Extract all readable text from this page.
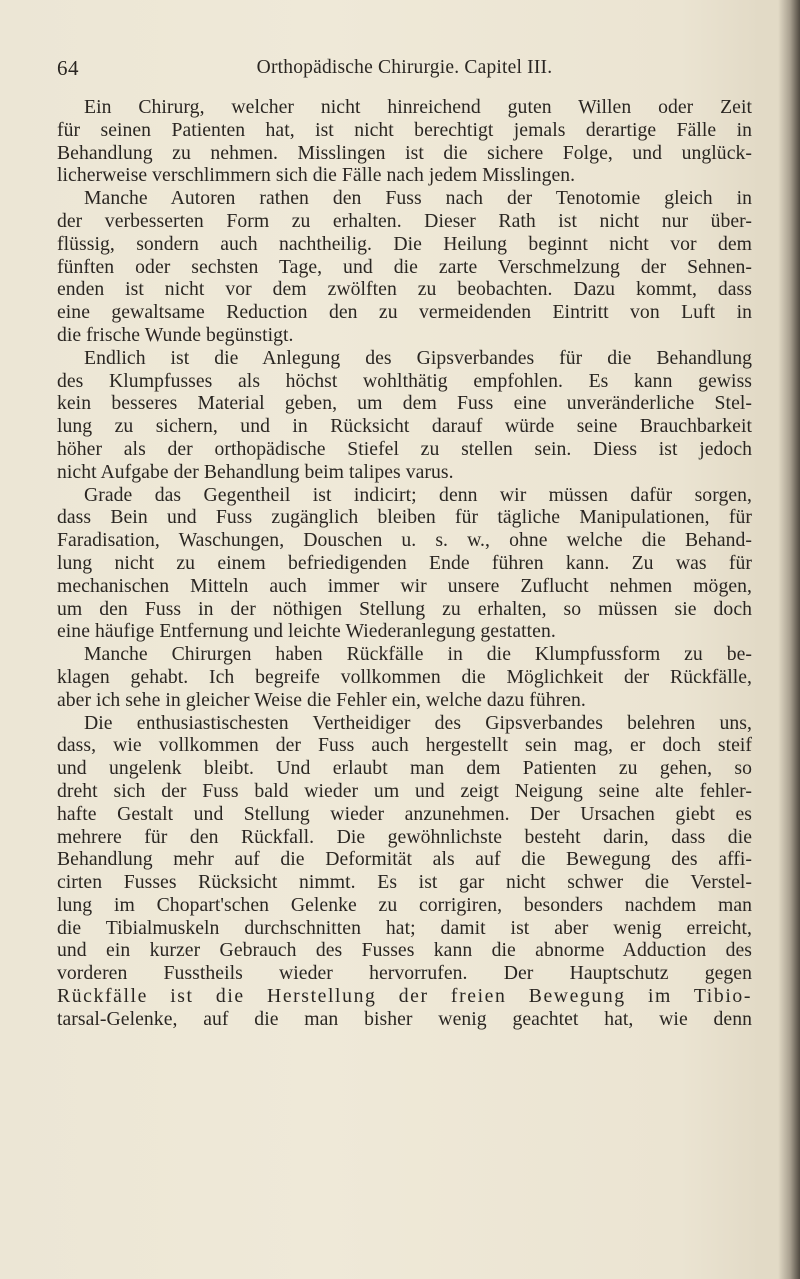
64	Orthopädische Chirurgie. Capitel III.
Ein Chirurg, welcher nicht hinreichend guten Willen oder Zeit
für seinen Patienten hat, ist nicht berechtigt jemals derartige Fälle in
Behandlung zu nehmen. Misslingen ist die sichere Folge, und unglück-
licherweise verschlimmern sich die Fälle nach jedem Misslingen.
Manche Autoren rathen den Fuss nach der Tenotomie gleich in
der verbesserten Form zu erhalten. Dieser Rath ist nicht nur über-
flüssig, sondern auch nachtheilig. Die Heilung beginnt nicht vor dem
fünften oder sechsten Tage, und die zarte Verschmelzung der Sehnen-
enden ist nicht vor dem zwölften zu beobachten. Dazu kommt, dass
eine gewaltsame Reduction den zu vermeidenden Eintritt von Luft in
die frische Wunde begünstigt.
Endlich ist die Anlegung des Gipsverbandes für die Behandlung
des Klumpfusses als höchst wohlthätig empfohlen. Es kann gewiss
kein besseres Material geben, um dem Fuss eine unveränderliche Stel-
lung zu sichern, und in Rücksicht darauf würde seine Brauchbarkeit
höher als der orthopädische Stiefel zu stellen sein. Diess ist jedoch
nicht Aufgabe der Behandlung beim talipes varus.
Grade das Gegentheil ist indicirt; denn wir müssen dafür sorgen,
dass Bein und Fuss zugänglich bleiben für tägliche Manipulationen, für
Faradisation, Waschungen, Douschen u. s. w., ohne welche die Behand-
lung nicht zu einem befriedigenden Ende führen kann. Zu was für
mechanischen Mitteln auch immer wir unsere Zuflucht nehmen mögen,
um den Fuss in der nöthigen Stellung zu erhalten, so müssen sie doch
eine häufige Entfernung und leichte Wiederanlegung gestatten.
Manche Chirurgen haben Rückfälle in die Klumpfussform zu be-
klagen gehabt. Ich begreife vollkommen die Möglichkeit der Rückfälle,
aber ich sehe in gleicher Weise die Fehler ein, welche dazu führen.
Die enthusiastischesten Vertheidiger des Gipsverbandes belehren uns,
dass, wie vollkommen der Fuss auch hergestellt sein mag, er doch steif
und ungelenk bleibt. Und erlaubt man dem Patienten zu gehen, so
dreht sich der Fuss bald wieder um und zeigt Neigung seine alte fehler-
hafte Gestalt und Stellung wieder anzunehmen. Der Ursachen giebt es
mehrere für den Rückfall. Die gewöhnlichste besteht darin, dass die
Behandlung mehr auf die Deformität als auf die Bewegung des affi-
cirten Fusses Rücksicht nimmt. Es ist gar nicht schwer die Verstel-
lung im Chopart'schen Gelenke zu corrigiren, besonders nachdem man
die Tibialmuskeln durchschnitten hat; damit ist aber wenig erreicht,
und ein kurzer Gebrauch des Fusses kann die abnorme Adduction des
vorderen Fusstheils wieder hervorrufen. Der Hauptschutz gegen
Rückfälle ist die Herstellung der freien Bewegung im Tibio-
tarsal-Gelenke, auf die man bisher wenig geachtet hat, wie denn
